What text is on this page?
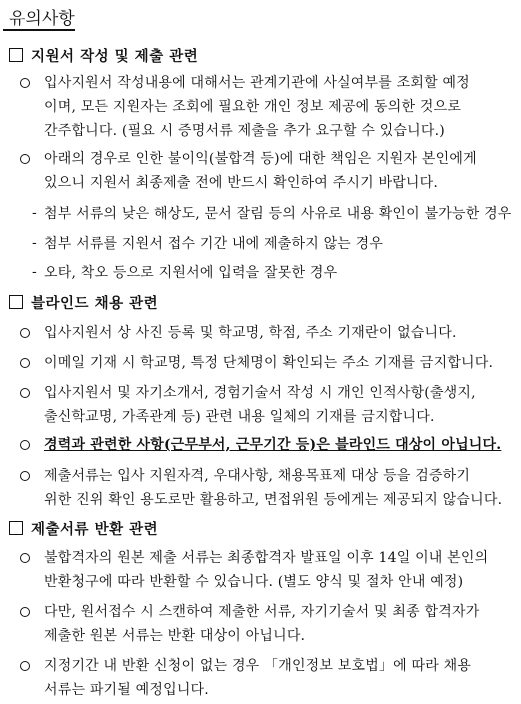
유의사항
지원서 작성 및 제출 관련
입사지원서 작성내용에 대해서는 관계기관에 사실여부를 조회할 예정
이며, 모든 지원자는 조회에 필요한 개인 정보 제공에 동의한 것으로
간주합니다. (필요 시 증명서류 제출을 추가 요구할 수 있습니다.)
아래의 경우로 인한 불이익(불합격 등)에 대한 책임은 지원자 본인에게
있으니 지원서 최종제출 전에 반드시 확인하여 주시기 바랍니다.
- 첨부 서류의 낮은 해상도, 문서 잘림 등의 사유로 내용 확인이 불가능한 경우
- 첨부 서류를 지원서 접수 기간 내에 제출하지 않는 경우
- 오타, 착오 등으로 지원서에 입력을 잘못한 경우
블라인드 채용 관련
입사지원서 상 사진 등록 및 학교명, 학점, 주소 기재란이 없습니다.
이메일 기재 시 학교명, 특정 단체명이 확인되는 주소 기재를 금지합니다.
입사지원서 및 자기소개서, 경험기술서 작성 시 개인 인적사항(출생지,
출신학교명, 가족관계 등) 관련 내용 일체의 기재를 금지합니다.
경력과 관련한 사항(근무부서, 근무기간 등)은 블라인드 대상이 아닙니다.
제출서류는 입사 지원자격, 우대사항, 채용목표제 대상 등을 검증하기
위한 진위 확인 용도로만 활용하고, 면접위원 등에게는 제공되지 않습니다.
제출서류 반환 관련
불합격자의 원본 제출 서류는 최종합격자 발표일 이후 14일 이내 본인의
반환청구에 따라 반환할 수 있습니다. (별도 양식 및 절차 안내 예정)
다만, 원서접수 시 스캔하여 제출한 서류, 자기기술서 및 최종 합격자가
제출한 원본 서류는 반환 대상이 아닙니다.
지정기간 내 반환 신청이 없는 경우 「개인정보 보호법」에 따라 채용
서류는 파기될 예정입니다.
